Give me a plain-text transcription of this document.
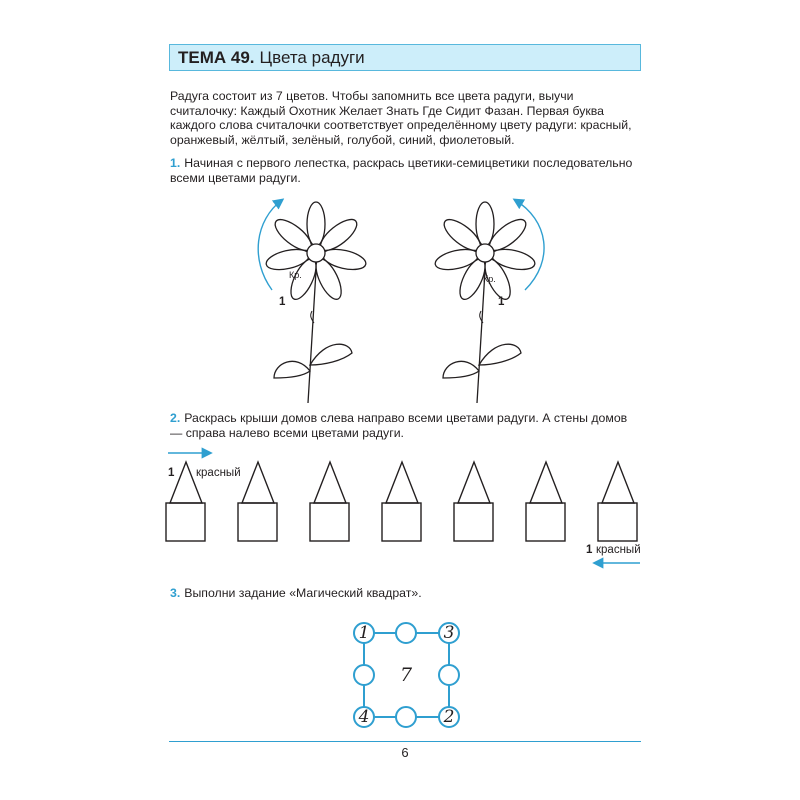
ТЕМА 49. Цвета радуги
Радуга состоит из 7 цветов. Чтобы запомнить все цвета радуги, выучи считалочку: Каждый Охотник Желает Знать Где Сидит Фазан. Первая буква каждого слова считалочки соответствует определённому цвету радуги: красный, оранжевый, жёлтый, зелёный, голубой, синий, фиолетовый.
1. Начиная с первого лепестка, раскрась цветики-семицветики последовательно всеми цветами радуги.
Кр.
1
Кр.
1
2. Раскрась крыши домов слева направо всеми цветами радуги. А стены домов — справа налево всеми цветами радуги.
1 красный
1 красный
3. Выполни задание «Магический квадрат».
1	3
4	2
7
6
